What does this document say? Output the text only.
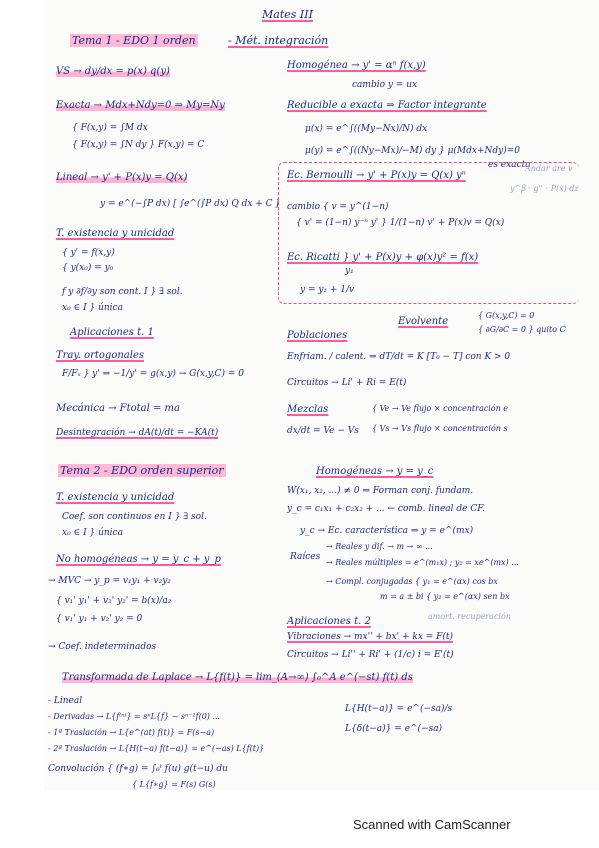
Mates III
Tema 1 - EDO 1 orden	- Mét. integración
VS → dy/dx = p(x) q(y)
Exacta → Mdx+Ndy=0 ⇒ My=Ny
{ F(x,y) = ∫M dx
{ F(x,y) = ∫N dy } F(x,y) = C
Lineal → y' + P(x)y = Q(x)
y = e^(−∫P dx) [ ∫e^(∫P dx) Q dx + C ]
T. existencia y unicidad
{ y' = f(x,y)
{ y(x₀) = y₀
f y ∂f/∂y son cont. I } ∃ sol.
x₀ ∈ I } única
Aplicaciones t. 1
Tray. ortogonales
F/Fₓ } y' ⇒ −1/y' = g(x,y) → G(x,y,C) = 0
Mecánica → Ftotal = ma
Desintegración → dA(t)/dt = −KA(t)
Homogénea → y' = αⁿ f(x,y)
cambio y = ux
Reducible a exacta ⇒ Factor integrante
μ(x) = e^∫((My−Nx)/N) dx
μ(y) = e^∫((Ny−Mx)/−M) dy } μ(Mdx+Ndy)=0
es exacta
Ec. Bernoulli → y' + P(x)y = Q(x) yⁿ
Andar are v
y^β · g'' · P(x)·dz
cambio { v = y^(1−n)
{ v' = (1−n) y⁻ⁿ y' } 1/(1−n) v' + P(x)v = Q(x)
Ec. Ricatti } y' + P(x)y + φ(x)y² = f(x)
y₁
y = y₁ + 1/v
Evolvente
{ G(x,y,C) = 0
{ ∂G/∂C = 0 } quito C
Poblaciones
Enfriam. / calent. ⇒ dT/dt = K [T₀ − T] con K > 0
Circuitos → Li' + Ri = E(t)
Mezclas
dx/dt = Ve − Vs
{ Ve → Ve flujo × concentración e
{ Vs → Vs flujo × concentración s
Tema 2 - EDO orden superior
T. existencia y unicidad
Coef. son continuos en I } ∃ sol.
x₀ ∈ I } única
No homogéneas → y = y_c + y_p
→ MVC → y_p = v₁y₁ + v₂y₂
{ v₁' y₁' + v₂' y₂' = b(x)/a₂
{ v₁' y₁ + v₂' y₂ = 0
→ Coef. indeterminados
Homogéneas → y = y_c
W(x₁, x₂, ...) ≠ 0 ⇒ Forman conj. fundam.
y_c = c₁x₁ + c₂x₂ + ... ← comb. lineal de CF.
y_c → Ec. característica ⇒ y = e^(mx)
Raíces
→ Reales y dif. → m → ∞ ...
→ Reales múltiples = e^(m₁x) ; y₂ = xe^(mx) ...
→ Compl. conjugadas { y₁ = e^(αx) cos bx
m = a ± bi { y₂ = e^(αx) sen bx
Aplicaciones t. 2	amort. recuperación
Vibraciones → mx'' + bx' + kx = F(t)
Circuitos → Li'' + Ri' + (1/c) i = E'(t)
Transformada de Laplace → L{f(t)} = lim_(A→∞) ∫₀^A e^(−st) f(t) ds
- Lineal
- Derivadas → L{f⁽ⁿ⁾} = sⁿL{f} − sⁿ⁻¹f(0) ...
- 1ª Traslación → L{e^(at) f(t)} = F(s−a)
- 2ª Traslación → L{H(t−a) f(t−a)} = e^(−as) L{f(t)}
Convolución { (f∗g) = ∫₀ᵗ f(u) g(t−u) du
{ L{f∗g} = F(s) G(s)
L{H(t−a)} = e^(−sa)/s
L{δ(t−a)} = e^(−sa)
Scanned with CamScanner
